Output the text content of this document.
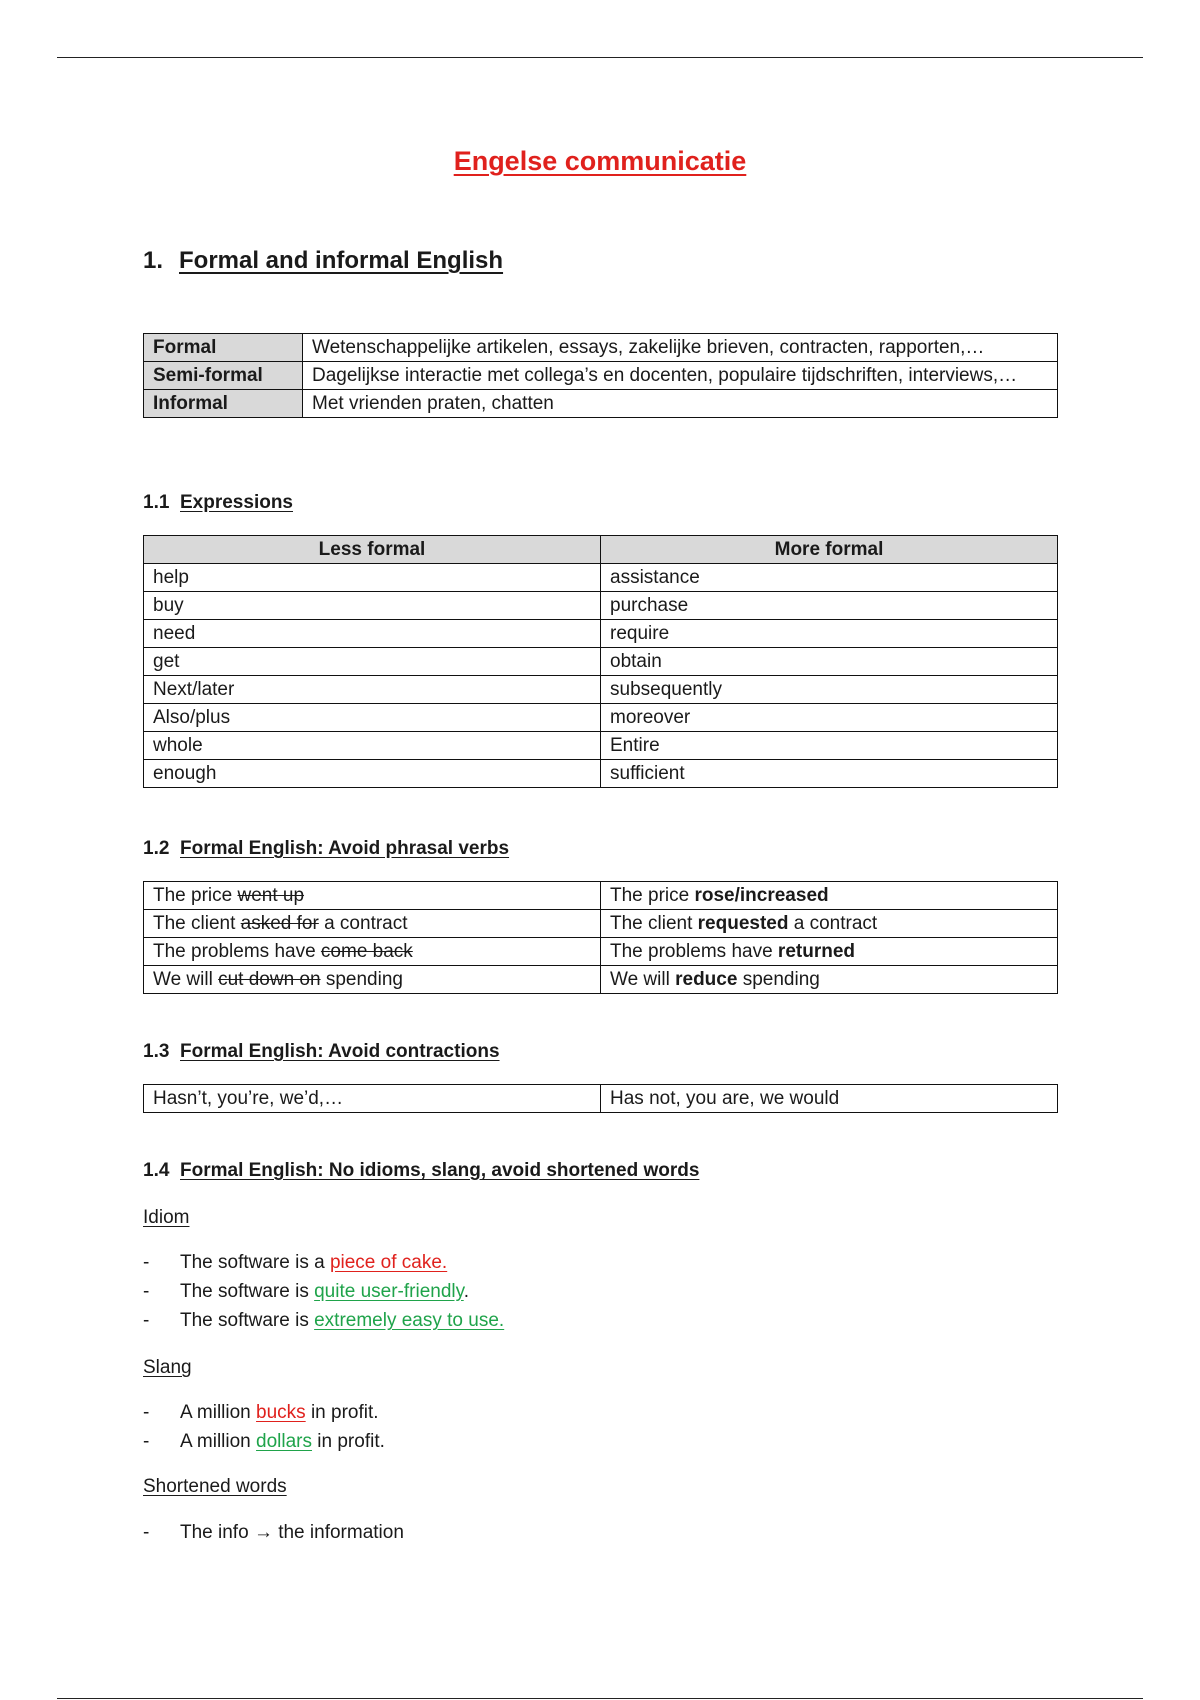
Engelse communicatie
1. Formal and informal English
Formal	Wetenschappelijke artikelen, essays, zakelijke brieven, contracten, rapporten,…
Semi-formal	Dagelijkse interactie met collega’s en docenten, populaire tijdschriften, interviews,…
Informal	Met vrienden praten, chatten
1.1 Expressions
Less formal	More formal
help	assistance
buy	purchase
need	require
get	obtain
Next/later	subsequently
Also/plus	moreover
whole	Entire
enough	sufficient
1.2 Formal English: Avoid phrasal verbs
The price went up	The price rose/increased
The client asked for a contract	The client requested a contract
The problems have come back	The problems have returned
We will cut down on spending	We will reduce spending
1.3 Formal English: Avoid contractions
Hasn’t, you’re, we’d,…	Has not, you are, we would
1.4 Formal English: No idioms, slang, avoid shortened words

Idiom

- The software is a piece of cake.
- The software is quite user-friendly.
- The software is extremely easy to use.

Slang

- A million bucks in profit.
- A million dollars in profit.

Shortened words

- The info → the information
